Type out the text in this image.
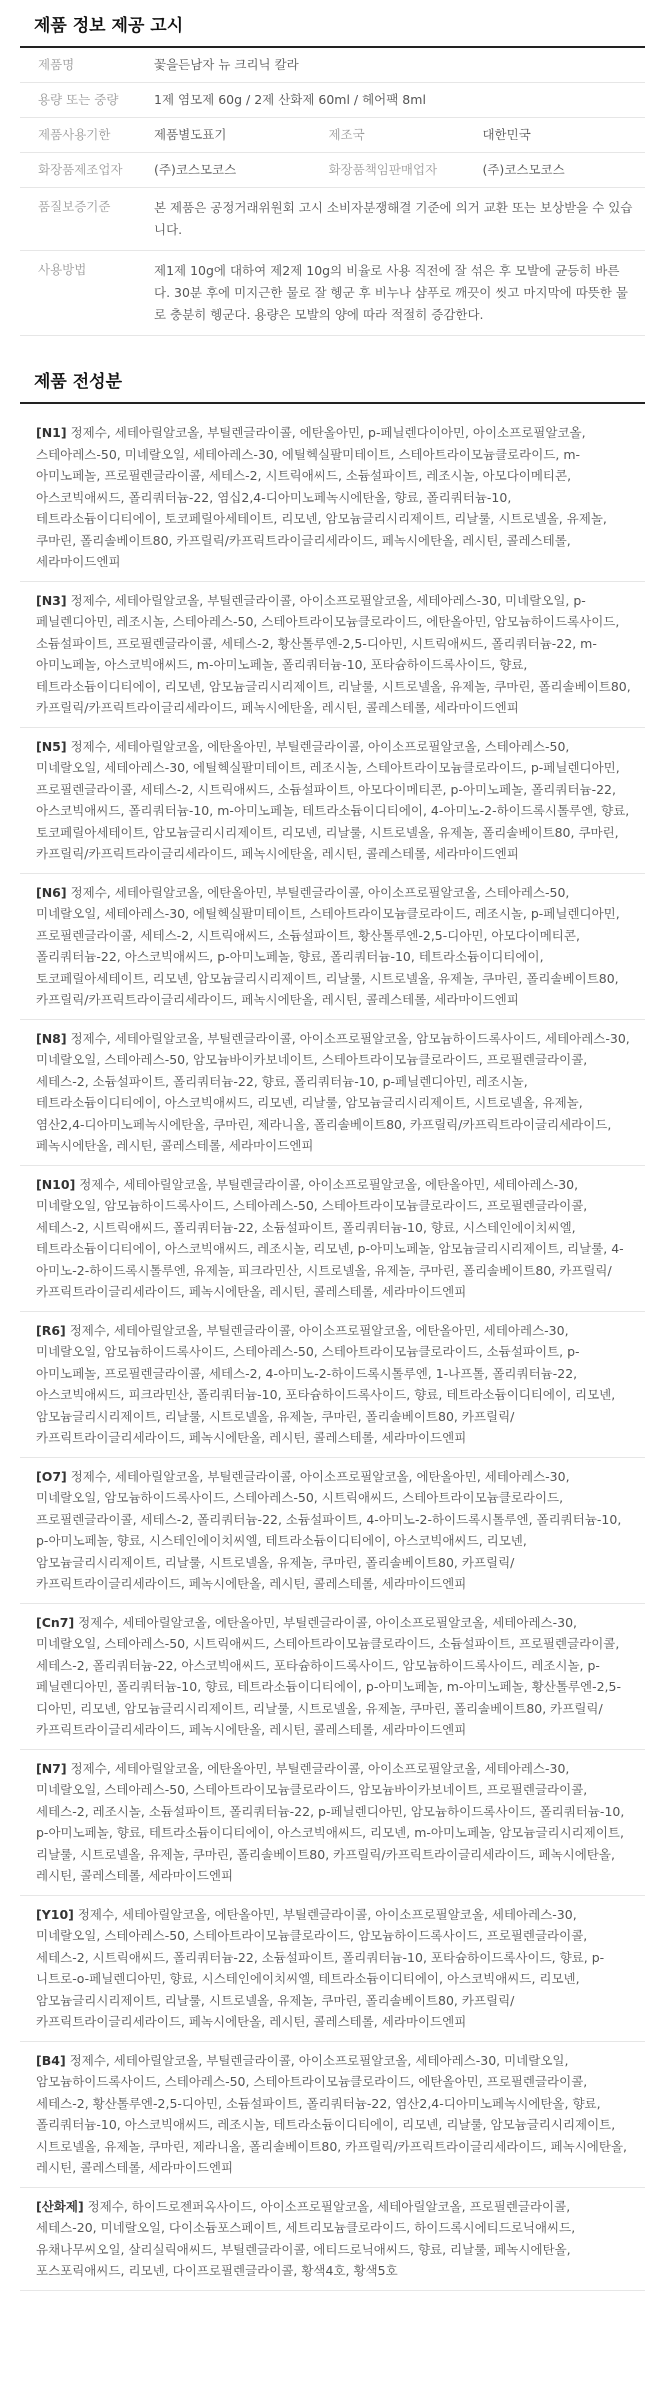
제품 정보 제공 고시
제품명	꽃을든남자 뉴 크리닉 칼라		
용량 또는 중량	1제 염모제 60g / 2제 산화제 60ml / 헤어팩 8ml		
제품사용기한	제품별도표기	제조국	대한민국
화장품제조업자	(주)코스모코스	화장품책임판매업자	(주)코스모코스
품질보증기준	본 제품은 공정거래위원회 고시 소비자분쟁해결 기준에 의거 교환 또는 보상받을 수 있습니다.		
사용방법	제1제 10g에 대하여 제2제 10g의 비율로 사용 직전에 잘 섞은 후 모발에 균등히 바른다. 30분 후에 미지근한 물로 잘 헹군 후 비누나 샴푸로 깨끗이 씻고 마지막에 따뜻한 물로 충분히 헹군다. 용량은 모발의 양에 따라 적절히 증감한다.		
제품 전성분
[N1] 정제수, 세테아릴알코올, 부틸렌글라이콜, 에탄올아민, p-페닐렌다이아민, 아이소프로필알코올, 스테아레스-50, 미네랄오일, 세테아레스-30, 에틸헥실팔미테이트, 스테아트라이모늄클로라이드, m-아미노페놀, 프로필렌글라이콜, 세테스-2, 시트릭애씨드, 소듐설파이트, 레조시놀, 아모다이메티콘, 아스코빅애씨드, 폴리쿼터늄-22, 염십2,4-디아미노페녹시에탄올, 향료, 폴리쿼터늄-10, 테트라소듐이디티에이, 토코페릴아세테이트, 리모넨, 암모늄글리시리제이트, 리날룰, 시트로넬올, 유제놀, 쿠마린, 폴리솔베이트80, 카프릴릭/카프릭트라이글리세라이드, 페녹시에탄올, 레시틴, 콜레스테롤, 세라마이드엔피
[N3] 정제수, 세테아릴알코올, 부틸렌글라이콜, 아이소프로필알코올, 세테아레스-30, 미네랄오일, p-페닐렌디아민, 레조시놀, 스테아레스-50, 스테아트라이모늄클로라이드, 에탄올아민, 암모늄하이드록사이드, 소듐설파이트, 프로필렌글라이콜, 세테스-2, 황산톨루엔-2,5-디아민, 시트릭애씨드, 폴리쿼터늄-22, m-아미노페놀, 아스코빅애씨드, m-아미노페놀, 폴리쿼터늄-10, 포타슘하이드록사이드, 향료, 테트라소듐이디티에이, 리모넨, 암모늄글리시리제이트, 리날룰, 시트로넬올, 유제놀, 쿠마린, 폴리솔베이트80, 카프릴릭/카프릭트라이글리세라이드, 페녹시에탄올, 레시틴, 콜레스테롤, 세라마이드엔피
[N5] 정제수, 세테아릴알코올, 에탄올아민, 부틸렌글라이콜, 아이소프로필알코올, 스테아레스-50, 미네랄오일, 세테아레스-30, 에틸헥실팔미테이트, 레조시놀, 스테아트라이모늄클로라이드, p-페닐렌디아민, 프로필렌글라이콜, 세테스-2, 시트릭애씨드, 소듐설파이트, 아모다이메티콘, p-아미노페놀, 폴리쿼터늄-22, 아스코빅애씨드, 폴리쿼터늄-10, m-아미노페놀, 테트라소듐이디티에이, 4-아미노-2-하이드록시톨루엔, 향료, 토코페릴아세테이트, 암모늄글리시리제이트, 리모넨, 리날룰, 시트로넬올, 유제놀, 폴리솔베이트80, 쿠마린, 카프릴릭/카프릭트라이글리세라이드, 페녹시에탄올, 레시틴, 콜레스테롤, 세라마이드엔피
[N6] 정제수, 세테아릴알코올, 에탄올아민, 부틸렌글라이콜, 아이소프로필알코올, 스테아레스-50, 미네랄오일, 세테아레스-30, 에틸헥실팔미테이트, 스테아트라이모늄클로라이드, 레조시놀, p-페닐렌디아민, 프로필렌글라이콜, 세테스-2, 시트릭애씨드, 소듐설파이트, 황산톨루엔-2,5-디아민, 아모다이메티콘, 폴리쿼터늄-22, 아스코빅애씨드, p-아미노페놀, 향료, 폴리쿼터늄-10, 테트라소듐이디티에이, 토코페릴아세테이트, 리모넨, 암모늄글리시리제이트, 리날룰, 시트로넬올, 유제놀, 쿠마린, 폴리솔베이트80, 카프릴릭/카프릭트라이글리세라이드, 페녹시에탄올, 레시틴, 콜레스테롤, 세라마이드엔피
[N8] 정제수, 세테아릴알코올, 부틸렌글라이콜, 아이소프로필알코올, 암모늄하이드록사이드, 세테아레스-30, 미네랄오일, 스테아레스-50, 암모늄바이카보네이트, 스테아트라이모늄클로라이드, 프로필렌글라이콜, 세테스-2, 소듐설파이트, 폴리쿼터늄-22, 향료, 폴리쿼터늄-10, p-페닐렌디아민, 레조시놀, 테트라소듐이디티에이, 아스코빅애씨드, 리모넨, 리날룰, 암모늄글리시리제이트, 시트로넬올, 유제놀, 염산2,4-디아미노페녹시에탄올, 쿠마린, 제라니올, 폴리솔베이트80, 카프릴릭/카프릭트라이글리세라이드, 페녹시에탄올, 레시틴, 콜레스테롤, 세라마이드엔피
[N10] 정제수, 세테아릴알코올, 부틸렌글라이콜, 아이소프로필알코올, 에탄올아민, 세테아레스-30, 미네랄오일, 암모늄하이드록사이드, 스테아레스-50, 스테아트라이모늄클로라이드, 프로필렌글라이콜, 세테스-2, 시트릭애씨드, 폴리쿼터늄-22, 소듐설파이트, 폴리쿼터늄-10, 향료, 시스테인에이치씨엘, 테트라소듐이디티에이, 아스코빅애씨드, 레조시놀, 리모넨, p-아미노페놀, 암모늄글리시리제이트, 리날룰, 4-아미노-2-하이드록시톨루엔, 유제놀, 피크라민산, 시트로넬올, 유제놀, 쿠마린, 폴리솔베이트80, 카프릴릭/카프릭트라이글리세라이드, 페녹시에탄올, 레시틴, 콜레스테롤, 세라마이드엔피
[R6] 정제수, 세테아릴알코올, 부틸렌글라이콜, 아이소프로필알코올, 에탄올아민, 세테아레스-30, 미네랄오일, 암모늄하이드록사이드, 스테아레스-50, 스테아트라이모늄클로라이드, 소듐설파이트, p-아미노페놀, 프로필렌글라이콜, 세테스-2, 4-아미노-2-하이드록시톨루엔, 1-나프톨, 폴리쿼터늄-22, 아스코빅애씨드, 피크라민산, 폴리쿼터늄-10, 포타슘하이드록사이드, 향료, 테트라소듐이디티에이, 리모넨, 암모늄글리시리제이트, 리날룰, 시트로넬올, 유제놀, 쿠마린, 폴리솔베이트80, 카프릴릭/카프릭트라이글리세라이드, 페녹시에탄올, 레시틴, 콜레스테롤, 세라마이드엔피
[O7] 정제수, 세테아릴알코올, 부틸렌글라이콜, 아이소프로필알코올, 에탄올아민, 세테아레스-30, 미네랄오일, 암모늄하이드록사이드, 스테아레스-50, 시트릭애씨드, 스테아트라이모늄클로라이드, 프로필렌글라이콜, 세테스-2, 폴리쿼터늄-22, 소듐설파이트, 4-아미노-2-하이드록시톨루엔, 폴리쿼터늄-10, p-아미노페놀, 향료, 시스테인에이치씨엘, 테트라소듐이디티에이, 아스코빅애씨드, 리모넨, 암모늄글리시리제이트, 리날룰, 시트로넬올, 유제놀, 쿠마린, 폴리솔베이트80, 카프릴릭/카프릭트라이글리세라이드, 페녹시에탄올, 레시틴, 콜레스테롤, 세라마이드엔피
[Cn7] 정제수, 세테아릴알코올, 에탄올아민, 부틸렌글라이콜, 아이소프로필알코올, 세테아레스-30, 미네랄오일, 스테아레스-50, 시트릭애씨드, 스테아트라이모늄클로라이드, 소듐설파이트, 프로필렌글라이콜, 세테스-2, 폴리쿼터늄-22, 아스코빅애씨드, 포타슘하이드록사이드, 암모늄하이드록사이드, 레조시놀, p-페닐렌디아민, 폴리쿼터늄-10, 향료, 테트라소듐이디티에이, p-아미노페놀, m-아미노페놀, 황산톨루엔-2,5-디아민, 리모넨, 암모늄글리시리제이트, 리날룰, 시트로넬올, 유제놀, 쿠마린, 폴리솔베이트80, 카프릴릭/카프릭트라이글리세라이드, 페녹시에탄올, 레시틴, 콜레스테롤, 세라마이드엔피
[N7] 정제수, 세테아릴알코올, 에탄올아민, 부틸렌글라이콜, 아이소프로필알코올, 세테아레스-30, 미네랄오일, 스테아레스-50, 스테아트라이모늄클로라이드, 암모늄바이카보네이트, 프로필렌글라이콜, 세테스-2, 레조시놀, 소듐설파이트, 폴리쿼터늄-22, p-페닐렌디아민, 암모늄하이드록사이드, 폴리쿼터늄-10, p-아미노페놀, 향료, 테트라소듐이디티에이, 아스코빅애씨드, 리모넨, m-아미노페놀, 암모늄글리시리제이트, 리날룰, 시트로넬올, 유제놀, 쿠마린, 폴리솔베이트80, 카프릴릭/카프릭트라이글리세라이드, 페녹시에탄올, 레시틴, 콜레스테롤, 세라마이드엔피
[Y10] 정제수, 세테아릴알코올, 에탄올아민, 부틸렌글라이콜, 아이소프로필알코올, 세테아레스-30, 미네랄오일, 스테아레스-50, 스테아트라이모늄클로라이드, 암모늄하이드록사이드, 프로필렌글라이콜, 세테스-2, 시트릭애씨드, 폴리쿼터늄-22, 소듐설파이트, 폴리쿼터늄-10, 포타슘하이드록사이드, 향료, p-니트로-o-페닐렌디아민, 향료, 시스테인에이치씨엘, 테트라소듐이디티에이, 아스코빅애씨드, 리모넨, 암모늄글리시리제이트, 리날룰, 시트로넬올, 유제놀, 쿠마린, 폴리솔베이트80, 카프릴릭/카프릭트라이글리세라이드, 페녹시에탄올, 레시틴, 콜레스테롤, 세라마이드엔피
[B4] 정제수, 세테아릴알코올, 부틸렌글라이콜, 아이소프로필알코올, 세테아레스-30, 미네랄오일, 암모늄하이드록사이드, 스테아레스-50, 스테아트라이모늄클로라이드, 에탄올아민, 프로필렌글라이콜, 세테스-2, 황산톨루엔-2,5-디아민, 소듐설파이트, 폴리쿼터늄-22, 염산2,4-디아미노페녹시에탄올, 향료, 폴리쿼터늄-10, 아스코빅애씨드, 레조시놀, 테트라소듐이디티에이, 리모넨, 리날룰, 암모늄글리시리제이트, 시트로넬올, 유제놀, 쿠마린, 제라니올, 폴리솔베이트80, 카프릴릭/카프릭트라이글리세라이드, 페녹시에탄올, 레시틴, 콜레스테롤, 세라마이드엔피
[산화제] 정제수, 하이드로젠퍼옥사이드, 아이소프로필알코올, 세테아릴알코올, 프로필렌글라이콜, 세테스-20, 미네랄오일, 다이소듐포스페이트, 세트리모늄클로라이드, 하이드록시에티드로닉애씨드, 유채나무씨오일, 살리실릭애씨드, 부틸렌글라이콜, 에티드로닉애씨드, 향료, 리날룰, 페녹시에탄올, 포스포릭애씨드, 리모넨, 다이프로필렌글라이콜, 황색4호, 황색5호
